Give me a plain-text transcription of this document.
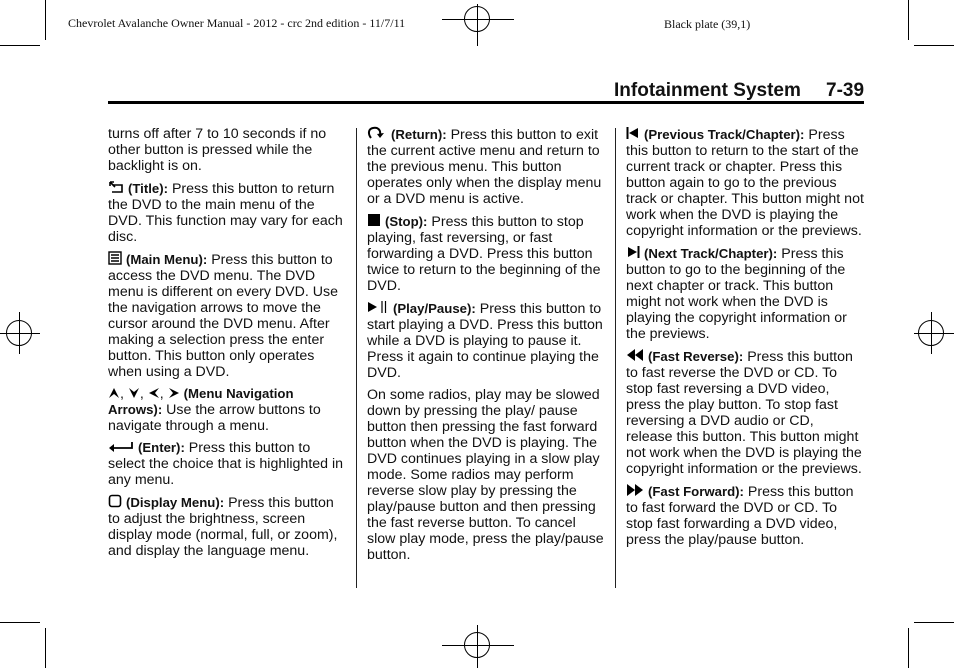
Chevrolet Avalanche Owner Manual - 2012 - crc 2nd edition - 11/7/11	Black plate (39,1)
Infotainment System 7-39

turns off after 7 to 10 seconds if no other button is pressed while the backlight is on.

(Title): Press this button to return the DVD to the main menu of the DVD. This function may vary for each disc.

(Main Menu): Press this button to access the DVD menu. The DVD menu is different on every DVD. Use the navigation arrows to move the cursor around the DVD menu. After making a selection press the enter button. This button only operates when using a DVD.

, , ,  (Menu Navigation Arrows): Use the arrow buttons to navigate through a menu.

(Enter): Press this button to select the choice that is highlighted in any menu.

(Display Menu): Press this button to adjust the brightness, screen display mode (normal, full, or zoom), and display the language menu.

(Return): Press this button to exit the current active menu and return to the previous menu. This button operates only when the display menu or a DVD menu is active.

(Stop): Press this button to stop playing, fast reversing, or fast forwarding a DVD. Press this button twice to return to the beginning of the DVD.

(Play/Pause): Press this button to start playing a DVD. Press this button while a DVD is playing to pause it. Press it again to continue playing the DVD.

On some radios, play may be slowed down by pressing the play/ pause button then pressing the fast forward button when the DVD is playing. The DVD continues playing in a slow play mode. Some radios may perform reverse slow play by pressing the play/pause button and then pressing the fast reverse button. To cancel slow play mode, press the play/pause button.

(Previous Track/Chapter): Press this button to return to the start of the current track or chapter. Press this button again to go to the previous track or chapter. This button might not work when the DVD is playing the copyright information or the previews.

(Next Track/Chapter): Press this button to go to the beginning of the next chapter or track. This button might not work when the DVD is playing the copyright information or the previews.

(Fast Reverse): Press this button to fast reverse the DVD or CD. To stop fast reversing a DVD video, press the play button. To stop fast reversing a DVD audio or CD, release this button. This button might not work when the DVD is playing the copyright information or the previews.

(Fast Forward): Press this button to fast forward the DVD or CD. To stop fast forwarding a DVD video, press the play/pause button.
